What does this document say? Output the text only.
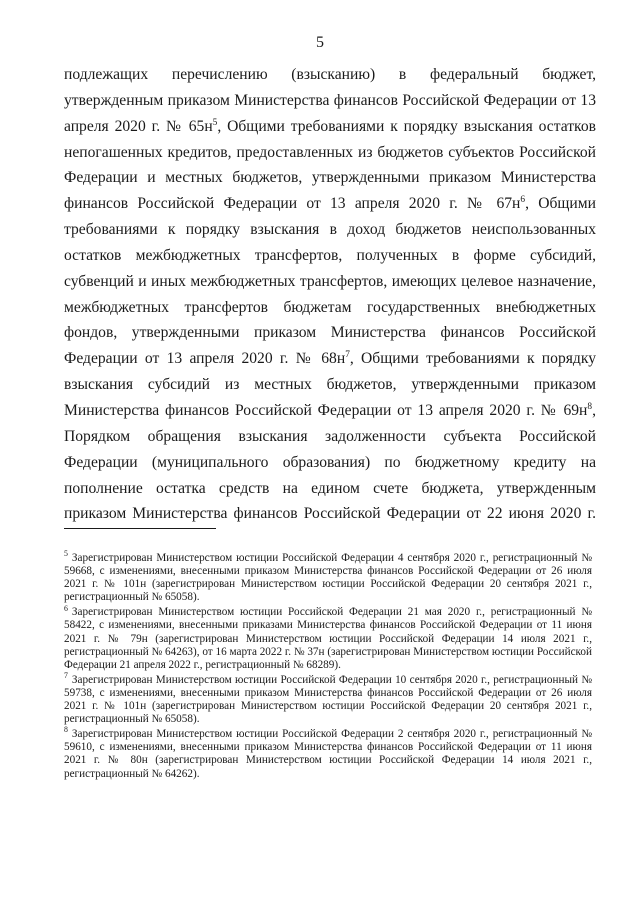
5
подлежащих перечислению (взысканию) в федеральный бюджет, утвержденным приказом Министерства финансов Российской Федерации от 13 апреля 2020 г. № $65н^5$, Общими требованиями к порядку взыскания остатков непогашенных кредитов, предоставленных из бюджетов субъектов Российской Федерации и местных бюджетов, утвержденными приказом Министерства финансов Российской Федерации от 13 апреля 2020 г. № $67н^6$, Общими требованиями к порядку взыскания в доход бюджетов неиспользованных остатков межбюджетных трансфертов, полученных в форме субсидий, субвенций и иных межбюджетных трансфертов, имеющих целевое назначение, межбюджетных трансфертов бюджетам государственных внебюджетных фондов, утвержденными приказом Министерства финансов Российской Федерации от 13 апреля 2020 г. № $68н^7$, Общими требованиями к порядку взыскания субсидий из местных бюджетов, утвержденными приказом Министерства финансов Российской Федерации от 13 апреля 2020 г. № $69н^8$, Порядком обращения взыскания задолженности субъекта Российской Федерации (муниципального образования) по бюджетному кредиту на пополнение остатка средств на едином счете бюджета, утвержденным приказом Министерства финансов Российской Федерации от 22 июня 2020 г.
$^5$ Зарегистрирован Министерством юстиции Российской Федерации 4 сентября 2020 г., регистрационный № 59668, с изменениями, внесенными приказом Министерства финансов Российской Федерации от 26 июля 2021 г. № 101н (зарегистрирован Министерством юстиции Российской Федерации 20 сентября 2021 г., регистрационный № 65058).
$^6$ Зарегистрирован Министерством юстиции Российской Федерации 21 мая 2020 г., регистрационный № 58422, с изменениями, внесенными приказами Министерства финансов Российской Федерации от 11 июня 2021 г. № 79н (зарегистрирован Министерством юстиции Российской Федерации 14 июля 2021 г., регистрационный № 64263), от 16 марта 2022 г. № 37н (зарегистрирован Министерством юстиции Российской Федерации 21 апреля 2022 г., регистрационный № 68289).
$^7$ Зарегистрирован Министерством юстиции Российской Федерации 10 сентября 2020 г., регистрационный № 59738, с изменениями, внесенными приказом Министерства финансов Российской Федерации от 26 июля 2021 г. № 101н (зарегистрирован Министерством юстиции Российской Федерации 20 сентября 2021 г., регистрационный № 65058).
$^8$ Зарегистрирован Министерством юстиции Российской Федерации 2 сентября 2020 г., регистрационный № 59610, с изменениями, внесенными приказом Министерства финансов Российской Федерации от 11 июня 2021 г. № 80н (зарегистрирован Министерством юстиции Российской Федерации 14 июля 2021 г., регистрационный № 64262).
